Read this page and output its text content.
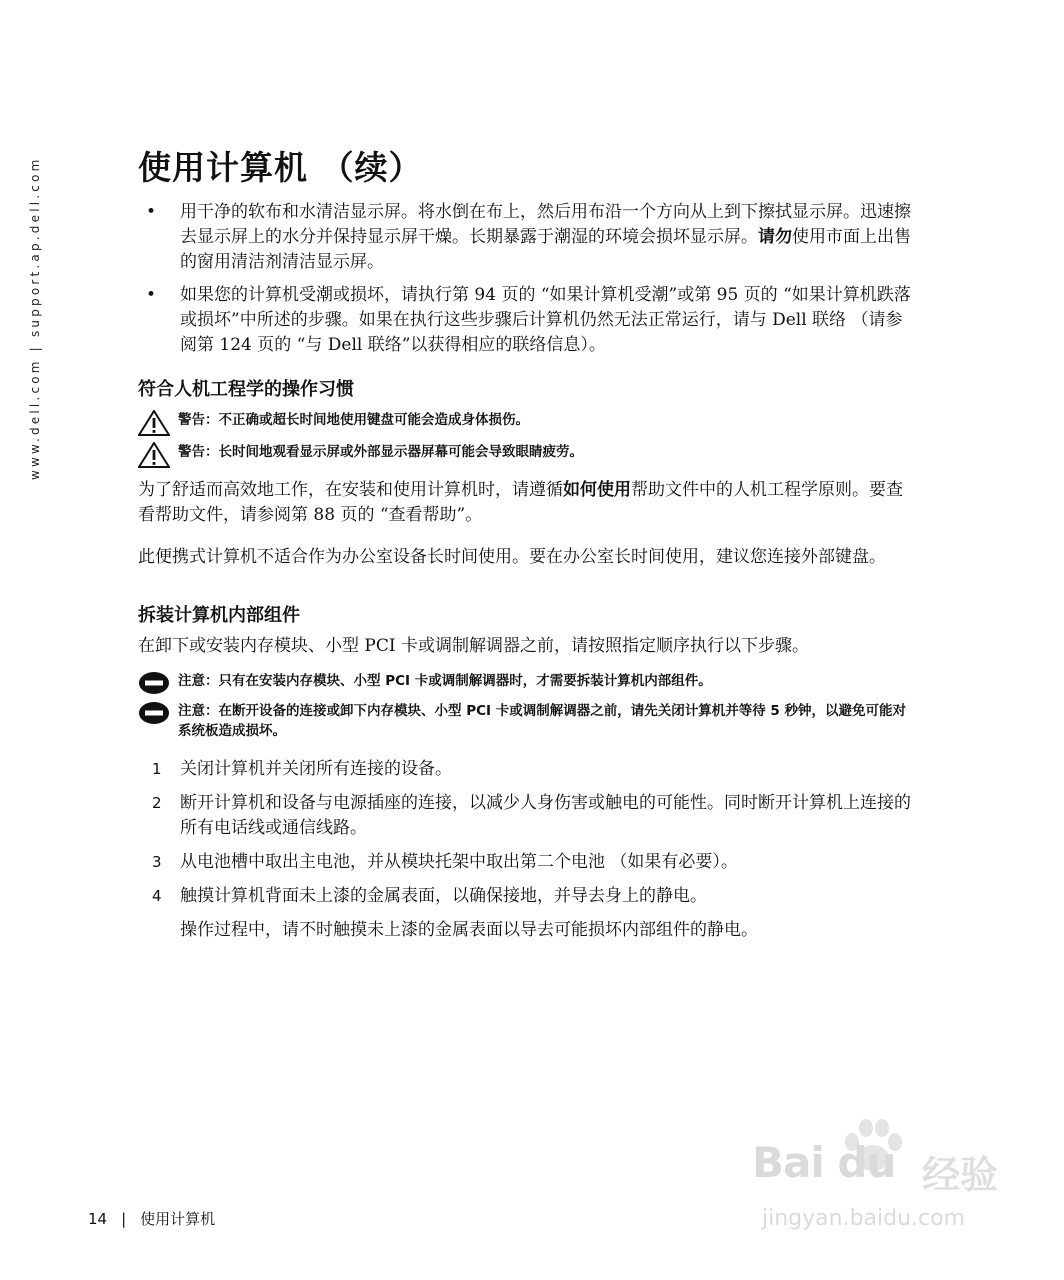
www.dell.com | support.ap.dell.com	使用计算机 （续）
• 用干净的软布和水清洁显示屏。将水倒在布上，然后用布沿一个方向从上到下擦拭显示屏。迅速擦去显示屏上的水分并保持显示屏干燥。长期暴露于潮湿的环境会损坏显示屏。请勿使用市面上出售的窗用清洁剂清洁显示屏。
• 如果您的计算机受潮或损坏，请执行第 94 页的 “如果计算机受潮”或第 95 页的 “如果计算机跌落或损坏”中所述的步骤。如果在执行这些步骤后计算机仍然无法正常运行，请与 Dell 联络 （请参阅第 124 页的 “与 Dell 联络”以获得相应的联络信息）。
符合人机工程学的操作习惯
警告：不正确或超长时间地使用键盘可能会造成身体损伤。
警告：长时间地观看显示屏或外部显示器屏幕可能会导致眼睛疲劳。

为了舒适而高效地工作，在安装和使用计算机时，请遵循如何使用帮助文件中的人机工程学原则。要查看帮助文件，请参阅第 88 页的 “查看帮助”。

此便携式计算机不适合作为办公室设备长时间使用。要在办公室长时间使用，建议您连接外部键盘。

拆装计算机内部组件

在卸下或安装内存模块、小型 PCI 卡或调制解调器之前，请按照指定顺序执行以下步骤。

注意：只有在安装内存模块、小型 PCI 卡或调制解调器时，才需要拆装计算机内部组件。
注意：在断开设备的连接或卸下内存模块、小型 PCI 卡或调制解调器之前，请先关闭计算机并等待 5 秒钟，以避免可能对系统板造成损坏。
1 关闭计算机并关闭所有连接的设备。
2 断开计算机和设备与电源插座的连接，以减少人身伤害或触电的可能性。同时断开计算机上连接的所有电话线或通信线路。
3 从电池槽中取出主电池，并从模块托架中取出第二个电池 （如果有必要）。
4 触摸计算机背面未上漆的金属表面，以确保接地，并导去身上的静电。

操作过程中，请不时触摸未上漆的金属表面以导去可能损坏内部组件的静电。

14 | 使用计算机
Bai du 经验
jingyan.baidu.com
